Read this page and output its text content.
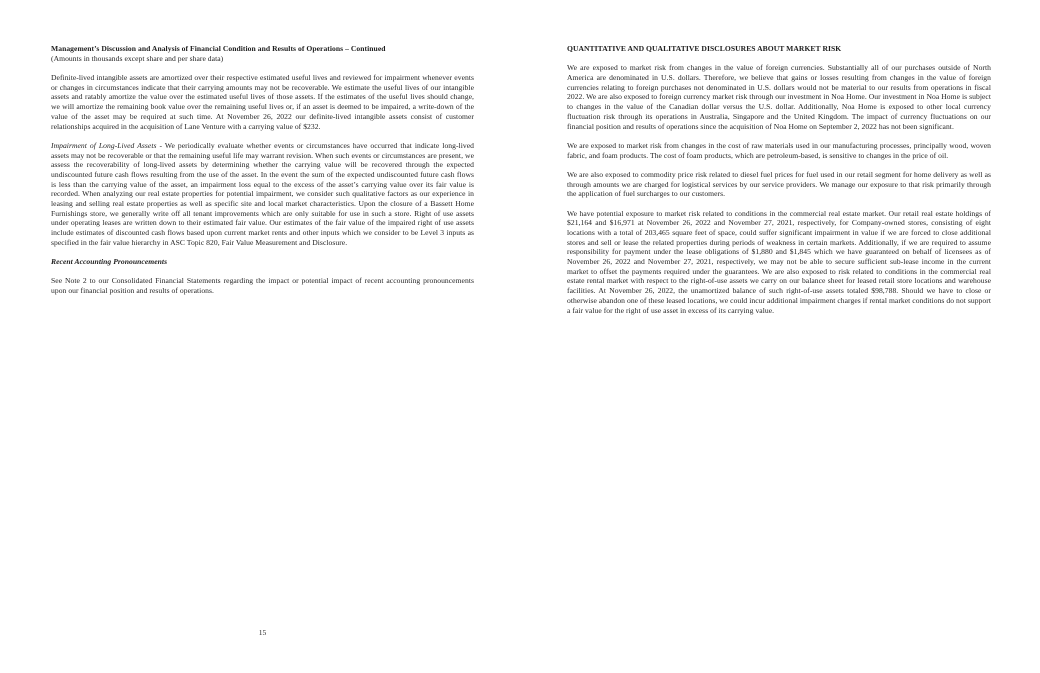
Management’s Discussion and Analysis of Financial Condition and Results of Operations – Continued

(Amounts in thousands except share and per share data)

Definite-lived intangible assets are amortized over their respective estimated useful lives and reviewed for impairment whenever events or changes in circumstances indicate that their carrying amounts may not be recoverable. We estimate the useful lives of our intangible assets and ratably amortize the value over the estimated useful lives of those assets. If the estimates of the useful lives should change, we will amortize the remaining book value over the remaining useful lives or, if an asset is deemed to be impaired, a write-down of the value of the asset may be required at such time. At November 26, 2022 our definite-lived intangible assets consist of customer relationships acquired in the acquisition of Lane Venture with a carrying value of $232.

Impairment of Long-Lived Assets - We periodically evaluate whether events or circumstances have occurred that indicate long-lived assets may not be recoverable or that the remaining useful life may warrant revision. When such events or circumstances are present, we assess the recoverability of long-lived assets by determining whether the carrying value will be recovered through the expected undiscounted future cash flows resulting from the use of the asset. In the event the sum of the expected undiscounted future cash flows is less than the carrying value of the asset, an impairment loss equal to the excess of the asset’s carrying value over its fair value is recorded. When analyzing our real estate properties for potential impairment, we consider such qualitative factors as our experience in leasing and selling real estate properties as well as specific site and local market characteristics. Upon the closure of a Bassett Home Furnishings store, we generally write off all tenant improvements which are only suitable for use in such a store. Right of use assets under operating leases are written down to their estimated fair value. Our estimates of the fair value of the impaired right of use assets include estimates of discounted cash flows based upon current market rents and other inputs which we consider to be Level 3 inputs as specified in the fair value hierarchy in ASC Topic 820, Fair Value Measurement and Disclosure.

Recent Accounting Pronouncements

See Note 2 to our Consolidated Financial Statements regarding the impact or potential impact of recent accounting pronouncements upon our financial position and results of operations.

15

QUANTITATIVE AND QUALITATIVE DISCLOSURES ABOUT MARKET RISK

We are exposed to market risk from changes in the value of foreign currencies. Substantially all of our purchases outside of North America are denominated in U.S. dollars. Therefore, we believe that gains or losses resulting from changes in the value of foreign currencies relating to foreign purchases not denominated in U.S. dollars would not be material to our results from operations in fiscal 2022. We are also exposed to foreign currency market risk through our investment in Noa Home. Our investment in Noa Home is subject to changes in the value of the Canadian dollar versus the U.S. dollar. Additionally, Noa Home is exposed to other local currency fluctuation risk through its operations in Australia, Singapore and the United Kingdom. The impact of currency fluctuations on our financial position and results of operations since the acquisition of Noa Home on September 2, 2022 has not been significant.

We are exposed to market risk from changes in the cost of raw materials used in our manufacturing processes, principally wood, woven fabric, and foam products. The cost of foam products, which are petroleum-based, is sensitive to changes in the price of oil.

We are also exposed to commodity price risk related to diesel fuel prices for fuel used in our retail segment for home delivery as well as through amounts we are charged for logistical services by our service providers. We manage our exposure to that risk primarily through the application of fuel surcharges to our customers.

We have potential exposure to market risk related to conditions in the commercial real estate market. Our retail real estate holdings of $21,164 and $16,971 at November 26, 2022 and November 27, 2021, respectively, for Company-owned stores, consisting of eight locations with a total of 203,465 square feet of space, could suffer significant impairment in value if we are forced to close additional stores and sell or lease the related properties during periods of weakness in certain markets. Additionally, if we are required to assume responsibility for payment under the lease obligations of $1,880 and $1,845 which we have guaranteed on behalf of licensees as of November 26, 2022 and November 27, 2021, respectively, we may not be able to secure sufficient sub-lease income in the current market to offset the payments required under the guarantees. We are also exposed to risk related to conditions in the commercial real estate rental market with respect to the right-of-use assets we carry on our balance sheet for leased retail store locations and warehouse facilities. At November 26, 2022, the unamortized balance of such right-of-use assets totaled $98,788. Should we have to close or otherwise abandon one of these leased locations, we could incur additional impairment charges if rental market conditions do not support a fair value for the right of use asset in excess of its carrying value.
